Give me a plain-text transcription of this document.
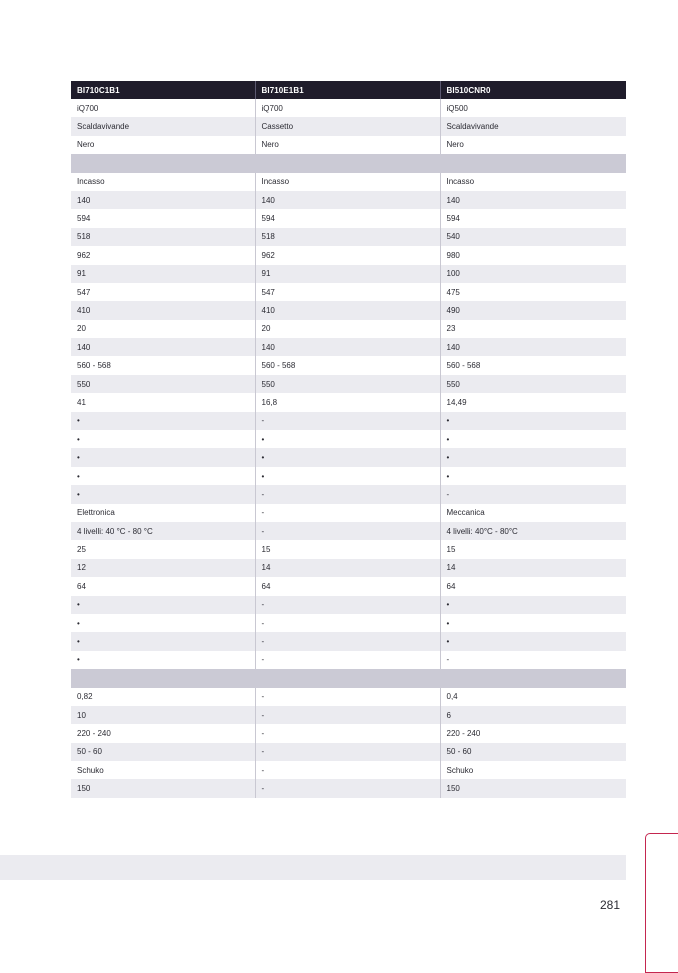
BI710C1B1	BI710E1B1	BI510CNR0
iQ700	iQ700	iQ500
Scaldavivande	Cassetto	Scaldavivande
Nero	Nero	Nero

Incasso	Incasso	Incasso
140	140	140
594	594	594
518	518	540
962	962	980
91	91	100
547	547	475
410	410	490
20	20	23
140	140	140
560 - 568	560 - 568	560 - 568
550	550	550
41	16,8	14,49
•	-	•
•	•	•
•	•	•
•	•	•
•	-	-
Elettronica	-	Meccanica
4 livelli: 40 °C - 80 °C	-	4 livelli: 40°C - 80°C
25	15	15
12	14	14
64	64	64
•	-	•
•	-	•
•	-	•
•	-	-

0,82	-	0,4
10	-	6
220 - 240	-	220 - 240
50 - 60	-	50 - 60
Schuko	-	Schuko
150	-	150
281
